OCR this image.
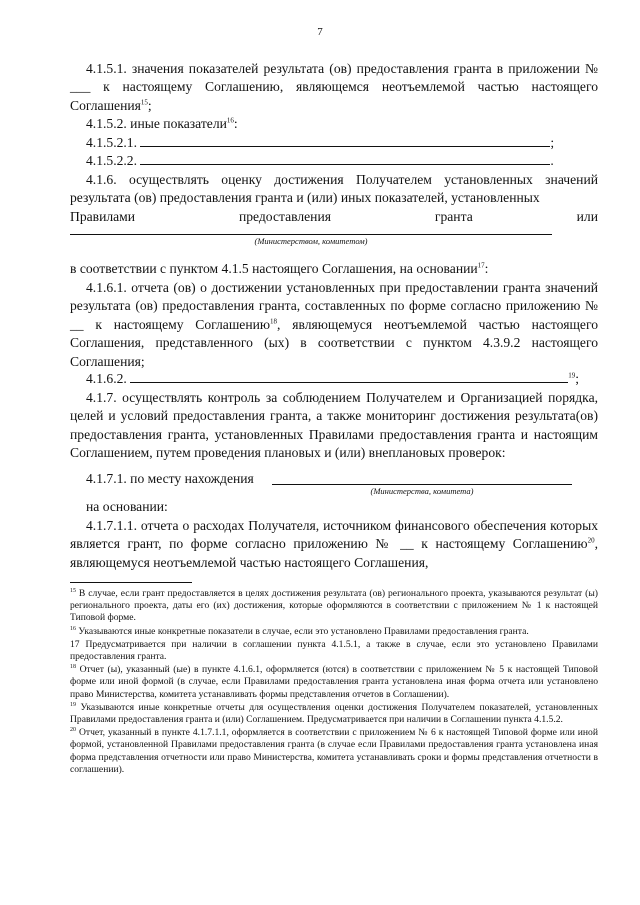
7

4.1.5.1. значения показателей результата (ов) предоставления гранта в приложении № ___ к настоящему Соглашению, являющемся неотъемлемой частью настоящего Соглашения$^{15}$;

4.1.5.2. иные показатели$^{16}$:

4.1.5.2.1.	;

4.1.5.2.2.	.

4.1.6. осуществлять оценку достижения Получателем установленных значений результата (ов) предоставления гранта и (или) иных показателей, установленных

Правилами	предоставления	гранта	или
(Министерством, комитетом)

в соответствии с пунктом 4.1.5 настоящего Соглашения, на основании$^{17}$:

4.1.6.1. отчета (ов) о достижении установленных при предоставлении гранта значений результата (ов) предоставления гранта, составленных по форме согласно приложению № __ к настоящему Соглашению$^{18}$, являющемуся неотъемлемой частью настоящего Соглашения, представленного (ых) в соответствии с пунктом 4.3.9.2 настоящего Соглашения;

4.1.6.2.	$^{19}$;

4.1.7. осуществлять контроль за соблюдением Получателем и Организацией порядка, целей и условий предоставления гранта, а также мониторинг достижения результата(ов) предоставления гранта, установленных Правилами предоставления гранта и настоящим Соглашением, путем проведения плановых и (или) внеплановых проверок:

4.1.7.1. по месту нахождения

(Министерства, комитета)

на основании:

4.1.7.1.1. отчета о расходах Получателя, источником финансового обеспечения которых является грант, по форме согласно приложению № __ к настоящему Соглашению$^{20}$, являющемуся неотъемлемой частью настоящего Соглашения,

$^{15}$ В случае, если грант предоставляется в целях достижения результата (ов) регионального проекта, указываются результат (ы) регионального проекта, даты его (их) достижения, которые оформляются в соответствии с приложением № 1 к настоящей Типовой форме.

$^{16}$ Указываются иные конкретные показатели в случае, если это установлено Правилами предоставления гранта.

17 Предусматривается при наличии в соглашении пункта 4.1.5.1, а также в случае, если это установлено Правилами предоставления гранта.

$^{18}$ Отчет (ы), указанный (ые) в пункте 4.1.6.1, оформляется (ются) в соответствии с приложением № 5 к настоящей Типовой форме или иной формой (в случае, если Правилами предоставления гранта установлена иная форма отчета или установлено право Министерства, комитета устанавливать формы представления отчетов в Соглашении).

$^{19}$ Указываются иные конкретные отчеты для осуществления оценки достижения Получателем показателей, установленных Правилами предоставления гранта и (или) Соглашением. Предусматривается при наличии в Соглашении пункта 4.1.5.2.

$^{20}$ Отчет, указанный в пункте 4.1.7.1.1, оформляется в соответствии с приложением № 6 к настоящей Типовой форме или иной формой, установленной Правилами предоставления гранта (в случае если Правилами предоставления гранта установлена иная форма представления отчетности или право Министерства, комитета устанавливать сроки и формы представления отчетности в соглашении).
